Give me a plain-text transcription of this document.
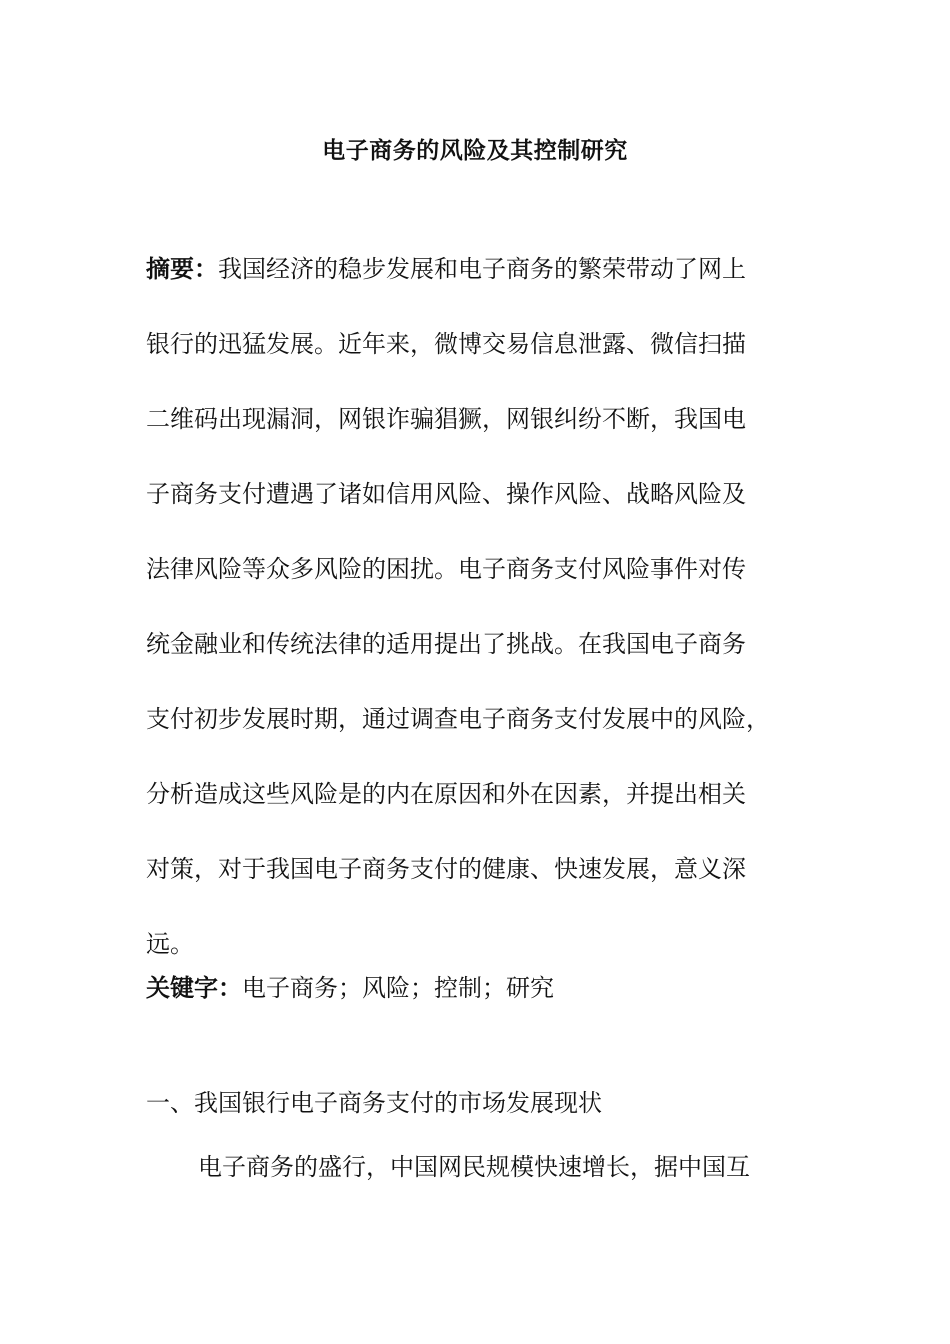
电子商务的风险及其控制研究
摘要：我国经济的稳步发展和电子商务的繁荣带动了网上
银行的迅猛发展。近年来，微博交易信息泄露、微信扫描
二维码出现漏洞，网银诈骗猖獗，网银纠纷不断，我国电
子商务支付遭遇了诸如信用风险、操作风险、战略风险及
法律风险等众多风险的困扰。电子商务支付风险事件对传
统金融业和传统法律的适用提出了挑战。在我国电子商务
支付初步发展时期，通过调查电子商务支付发展中的风险，
分析造成这些风险是的内在原因和外在因素，并提出相关
对策，对于我国电子商务支付的健康、快速发展，意义深
远。
关键字：电子商务；风险；控制；研究
一、我国银行电子商务支付的市场发展现状
电子商务的盛行，中国网民规模快速增长，据中国互
